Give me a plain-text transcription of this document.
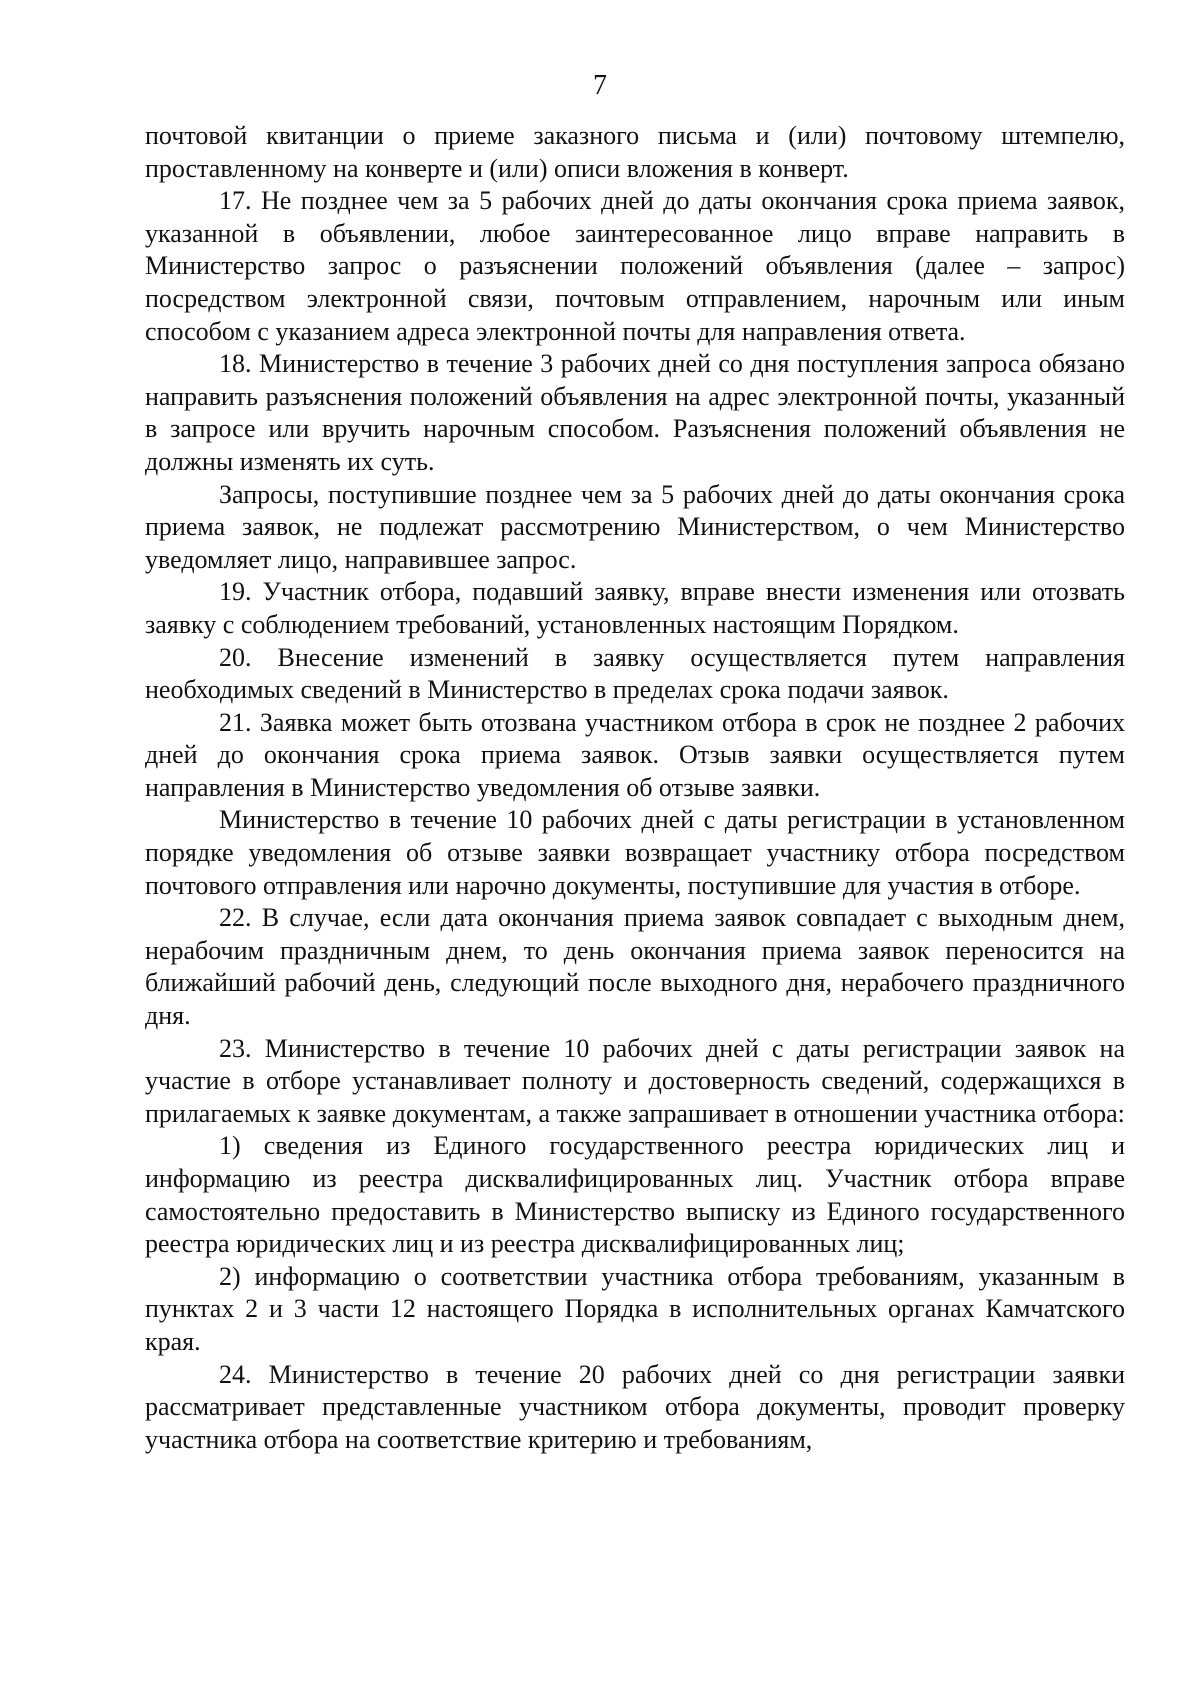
7

почтовой квитанции о приеме заказного письма и (или) почтовому штемпелю, проставленному на конверте и (или) описи вложения в конверт.

17. Не позднее чем за 5 рабочих дней до даты окончания срока приема заявок, указанной в объявлении, любое заинтересованное лицо вправе направить в Министерство запрос о разъяснении положений объявления (далее – запрос) посредством электронной связи, почтовым отправлением, нарочным или иным способом с указанием адреса электронной почты для направления ответа.

18. Министерство в течение 3 рабочих дней со дня поступления запроса обязано направить разъяснения положений объявления на адрес электронной почты, указанный в запросе или вручить нарочным способом. Разъяснения положений объявления не должны изменять их суть.

Запросы, поступившие позднее чем за 5 рабочих дней до даты окончания срока приема заявок, не подлежат рассмотрению Министерством, о чем Министерство уведомляет лицо, направившее запрос.

19. Участник отбора, подавший заявку, вправе внести изменения или отозвать заявку с соблюдением требований, установленных настоящим Порядком.

20. Внесение изменений в заявку осуществляется путем направления необходимых сведений в Министерство в пределах срока подачи заявок.

21. Заявка может быть отозвана участником отбора в срок не позднее 2 рабочих дней до окончания срока приема заявок. Отзыв заявки осуществляется путем направления в Министерство уведомления об отзыве заявки.

Министерство в течение 10 рабочих дней с даты регистрации в установленном порядке уведомления об отзыве заявки возвращает участнику отбора посредством почтового отправления или нарочно документы, поступившие для участия в отборе.

22. В случае, если дата окончания приема заявок совпадает с выходным днем, нерабочим праздничным днем, то день окончания приема заявок переносится на ближайший рабочий день, следующий после выходного дня, нерабочего праздничного дня.

23. Министерство в течение 10 рабочих дней с даты регистрации заявок на участие в отборе устанавливает полноту и достоверность сведений, содержащихся в прилагаемых к заявке документам, а также запрашивает в отношении участника отбора:

1) сведения из Единого государственного реестра юридических лиц и информацию из реестра дисквалифицированных лиц. Участник отбора вправе самостоятельно предоставить в Министерство выписку из Единого государственного реестра юридических лиц и из реестра дисквалифицированных лиц;

2) информацию о соответствии участника отбора требованиям, указанным в пунктах 2 и 3 части 12 настоящего Порядка в исполнительных органах Камчатского края.

24. Министерство в течение 20 рабочих дней со дня регистрации заявки рассматривает представленные участником отбора документы, проводит проверку участника отбора на соответствие критерию и требованиям,
